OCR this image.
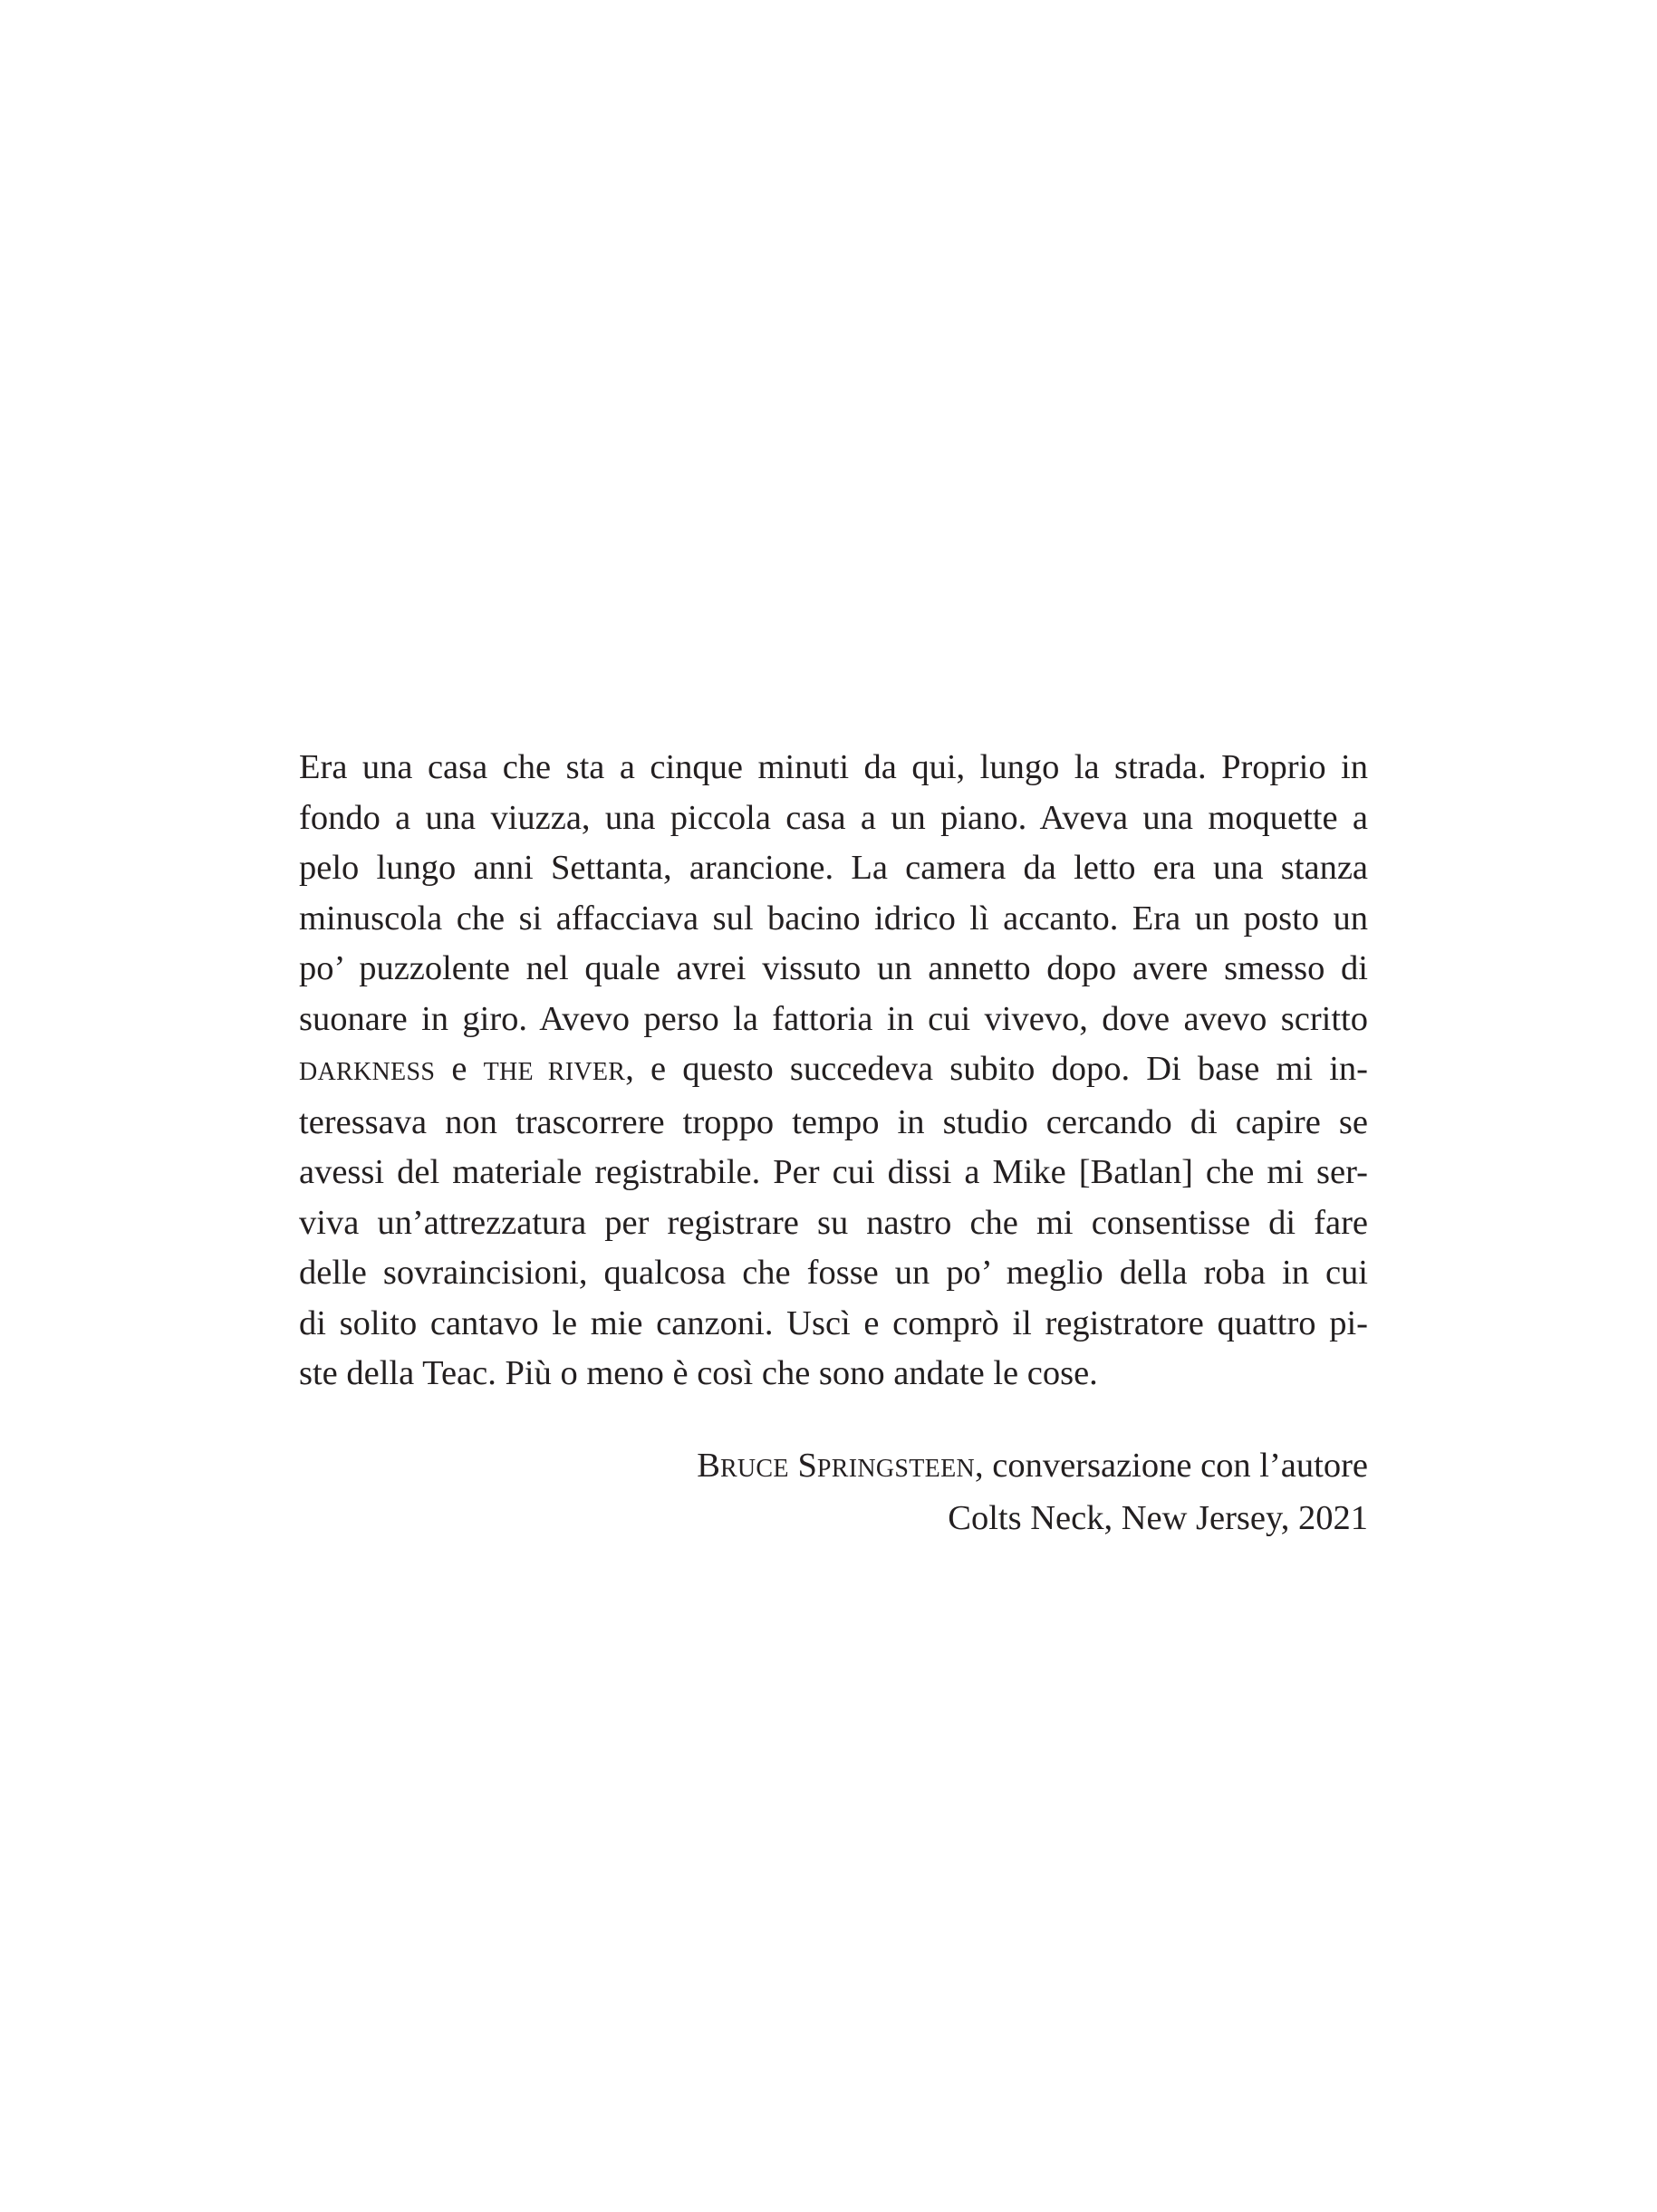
Era una casa che sta a cinque minuti da qui, lungo la strada. Proprio in
fondo a una viuzza, una piccola casa a un piano. Aveva una moquette a
pelo lungo anni Settanta, arancione. La camera da letto era una stanza
minuscola che si affacciava sul bacino idrico lì accanto. Era un posto un
po’ puzzolente nel quale avrei vissuto un annetto dopo avere smesso di
suonare in giro. Avevo perso la fattoria in cui vivevo, dove avevo scritto
DARKNESS e THE RIVER, e questo succedeva subito dopo. Di base mi in-
teressava non trascorrere troppo tempo in studio cercando di capire se
avessi del materiale registrabile. Per cui dissi a Mike [Batlan] che mi ser-
viva un’attrezzatura per registrare su nastro che mi consentisse di fare
delle sovraincisioni, qualcosa che fosse un po’ meglio della roba in cui
di solito cantavo le mie canzoni. Uscì e comprò il registratore quattro pi-
ste della Teac. Più o meno è così che sono andate le cose.

BRUCE SPRINGSTEEN, conversazione con l’autore
Colts Neck, New Jersey, 2021
